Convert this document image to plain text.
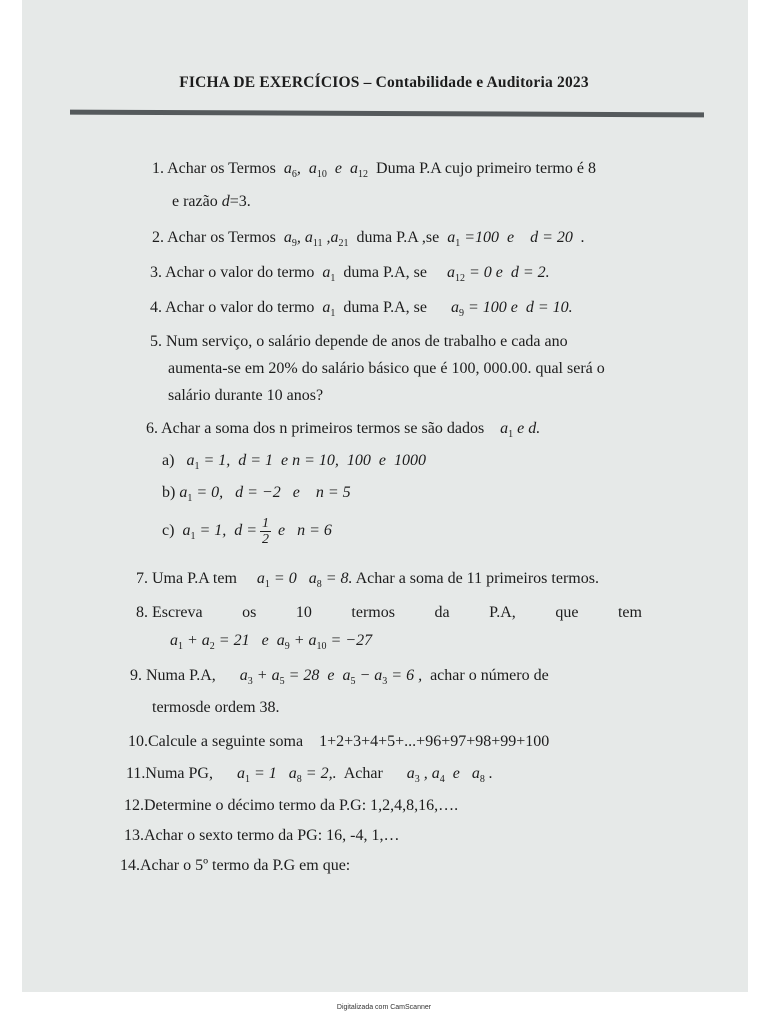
FICHA DE EXERCÍCIOS – Contabilidade e Auditoria 2023
1. Achar os Termos  $a_6$,  $a_{10}$  e  $a_{12}$ Duma P.A cujo primeiro termo é 8
e razão d=3.
2. Achar os Termos  $a_9$, $a_{11}$ $,a_{21}$ duma P.A ,se  $a_1 =100$  e    d = 20  .
3. Achar o valor do termo  $a_1$ duma P.A, se     $a_{12} = 0$ e  d = 2.
4. Achar o valor do termo  $a_1$ duma P.A, se      $a_9 = 100$ e  d = 10.
5. Num serviço, o salário depende de anos de trabalho e cada ano
aumenta-se em 20% do salário básico que é 100, 000.00. qual será o
salário durante 10 anos?
6. Achar a soma dos n primeiros termos se são dados    $a_1$ e d.
a)   $a_1 = 1$,  d = 1  e n = 10,  100  e  1000
b) $a_1 = 0$,   d = −2   e    n = 5
c)  $a_1 = 1$,  $d = \frac{1}{2}$ e   n = 6
7. Uma P.A tem     $a_1 = 0$   $a_8 = 8$. Achar a soma de 11 primeiros termos.
8. Escreva os 10 termos da P.A, que tem
$a_1 + a_2 = 21$   e  $a_9 + a_{10} = -27$
9. Numa P.A,      $a_3 + a_5 = 28$  e  $a_5 - a_3 = 6$ ,  achar o número de
termosde ordem 38.
10.Calcule a seguinte soma 1+2+3+4+5+...+96+97+98+99+100
11.Numa PG,      $a_1 = 1$   $a_8 = 2$,.  Achar      $a_3$ , $a_4$  e   $a_8$ .
12.Determine o décimo termo da P.G: 1,2,4,8,16,….
13.Achar o sexto termo da PG: 16, -4, 1,…
14.Achar o 5º termo da P.G em que:
Digitalizada com CamScanner
